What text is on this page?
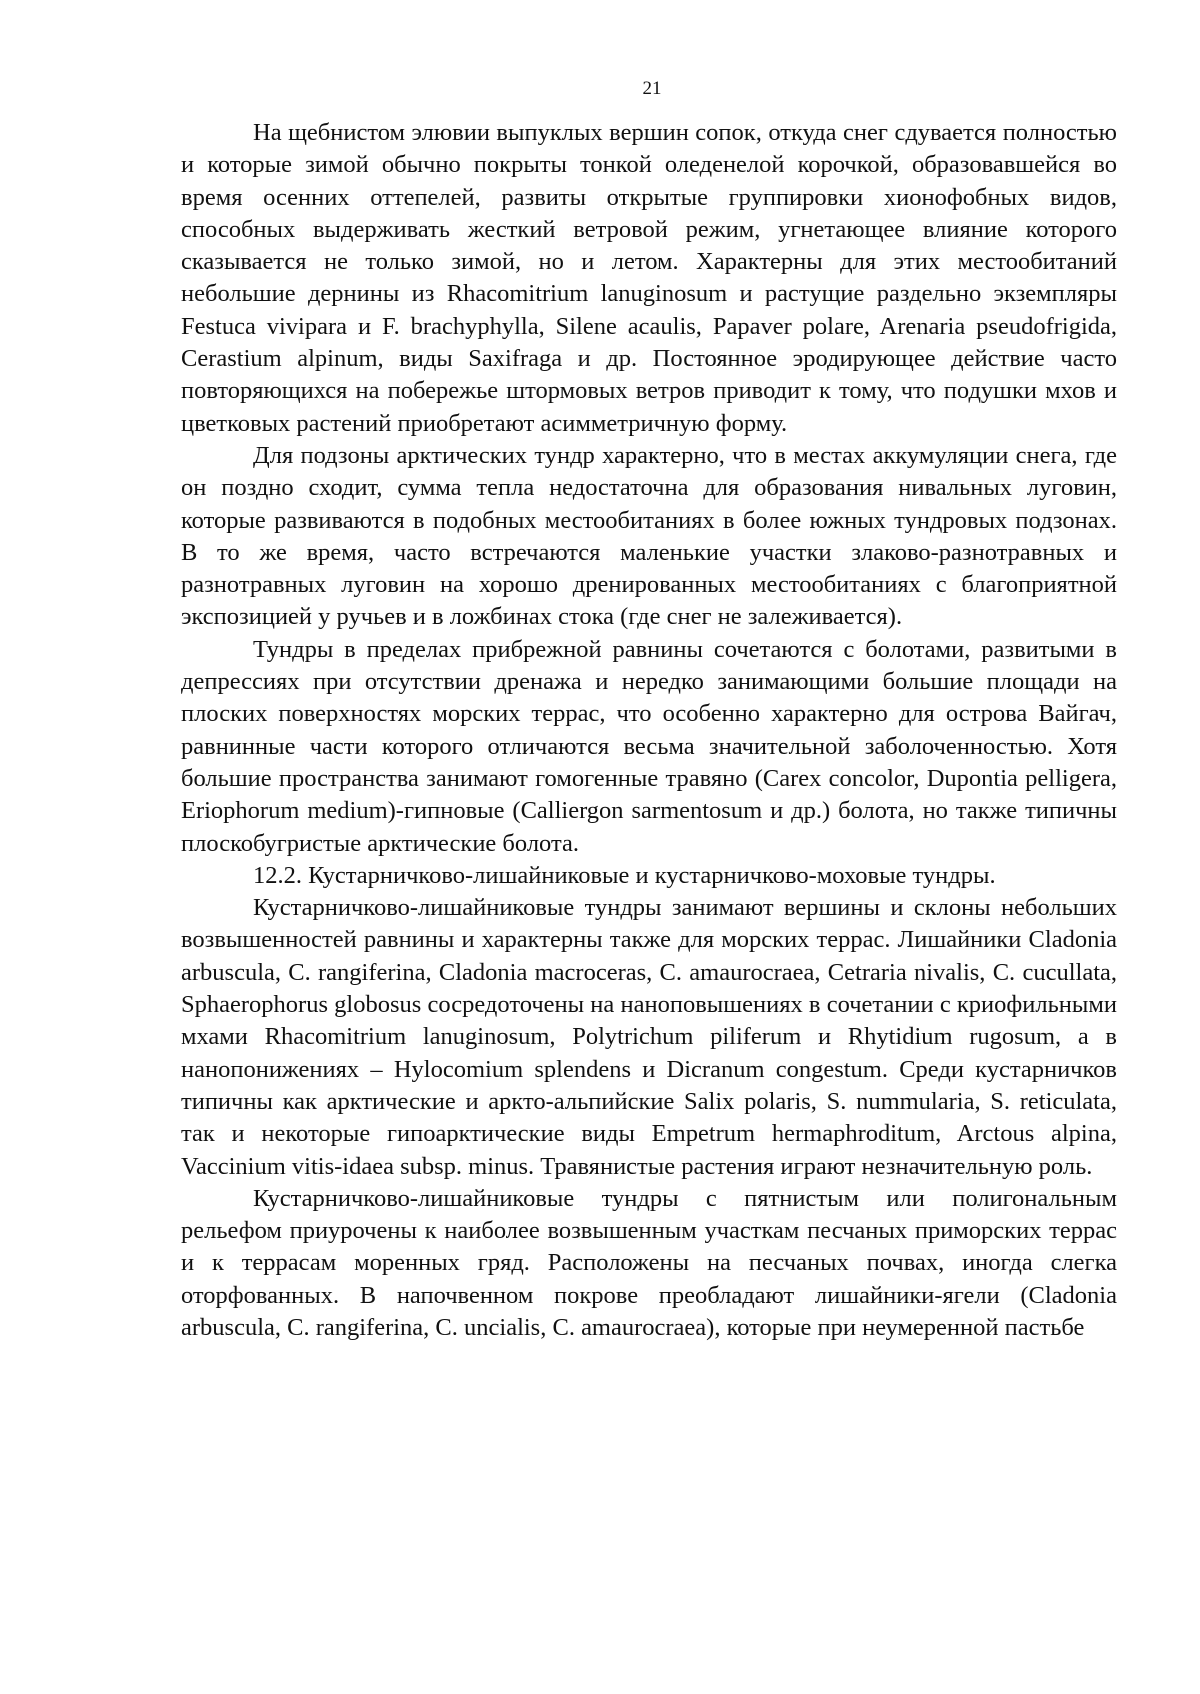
21

На щебнистом элювии выпуклых вершин сопок, откуда снег сдувается полностью и которые зимой обычно покрыты тонкой оледенелой корочкой, образовавшейся во время осенних оттепелей, развиты открытые группировки хионофобных видов, способных выдерживать жесткий ветровой режим, угнетающее влияние которого сказывается не только зимой, но и летом. Характерны для этих местообитаний небольшие дернины из Rhacomitrium lanuginosum и растущие раздельно экземпляры Festuca vivipara и F. brachyphylla, Silene acaulis, Papaver polare, Arenaria pseudofrigida, Cerastium alpinum, виды Saxifraga и др. Постоянное эродирующее действие часто повторяющихся на побережье штормовых ветров приводит к тому, что подушки мхов и цветковых растений приобретают асимметричную форму.

Для подзоны арктических тундр характерно, что в местах аккумуляции снега, где он поздно сходит, сумма тепла недостаточна для образования нивальных луговин, которые развиваются в подобных местообитаниях в более южных тундровых подзонах. В то же время, часто встречаются маленькие участки злаково-разнотравных и разнотравных луговин на хорошо дренированных местообитаниях с благоприятной экспозицией у ручьев и в ложбинах стока (где снег не залеживается).

Тундры в пределах прибрежной равнины сочетаются с болотами, развитыми в депрессиях при отсутствии дренажа и нередко занимающими большие площади на плоских поверхностях морских террас, что особенно характерно для острова Вайгач, равнинные части которого отличаются весьма значительной заболоченностью. Хотя большие пространства занимают гомогенные травяно (Carex concolor, Dupontia pelligera, Eriophorum medium)-гипновые (Calliergon sarmentosum и др.) болота, но также типичны плоскобугристые арктические болота.

12.2. Кустарничково-лишайниковые и кустарничково-моховые тундры.

Кустарничково-лишайниковые тундры занимают вершины и склоны небольших возвышенностей равнины и характерны также для морских террас. Лишайники Cladonia arbuscula, C. rangiferina, Cladonia macroceras, C. amaurocraea, Cetraria nivalis, C. cucullata, Sphaerophorus globosus сосредоточены на нанoповышениях в сочетании с криофильными мхами Rhacomitrium lanuginosum, Polytrichum piliferum и Rhytidium rugosum, а в нанопонижениях – Hylocomium splendens и Dicranum congestum. Среди кустарничков типичны как арктические и аркто-альпийские Salix polaris, S. nummularia, S. reticulata, так и некоторые гипоарктические виды Empetrum hermaphroditum, Arctous alpina, Vaccinium vitis-idaea subsp. minus. Травянистые растения играют незначительную роль.

Кустарничково-лишайниковые тундры с пятнистым или полигональным рельефом приурочены к наиболее возвышенным участкам песчаных приморских террас и к террасам моренных гряд. Расположены на песчаных почвах, иногда слегка оторфованных. В напочвенном покрове преобладают лишайники-ягели (Cladonia arbuscula, C. rangiferina, C. uncialis, C. amaurocraea), которые при неумеренной пастьбе
